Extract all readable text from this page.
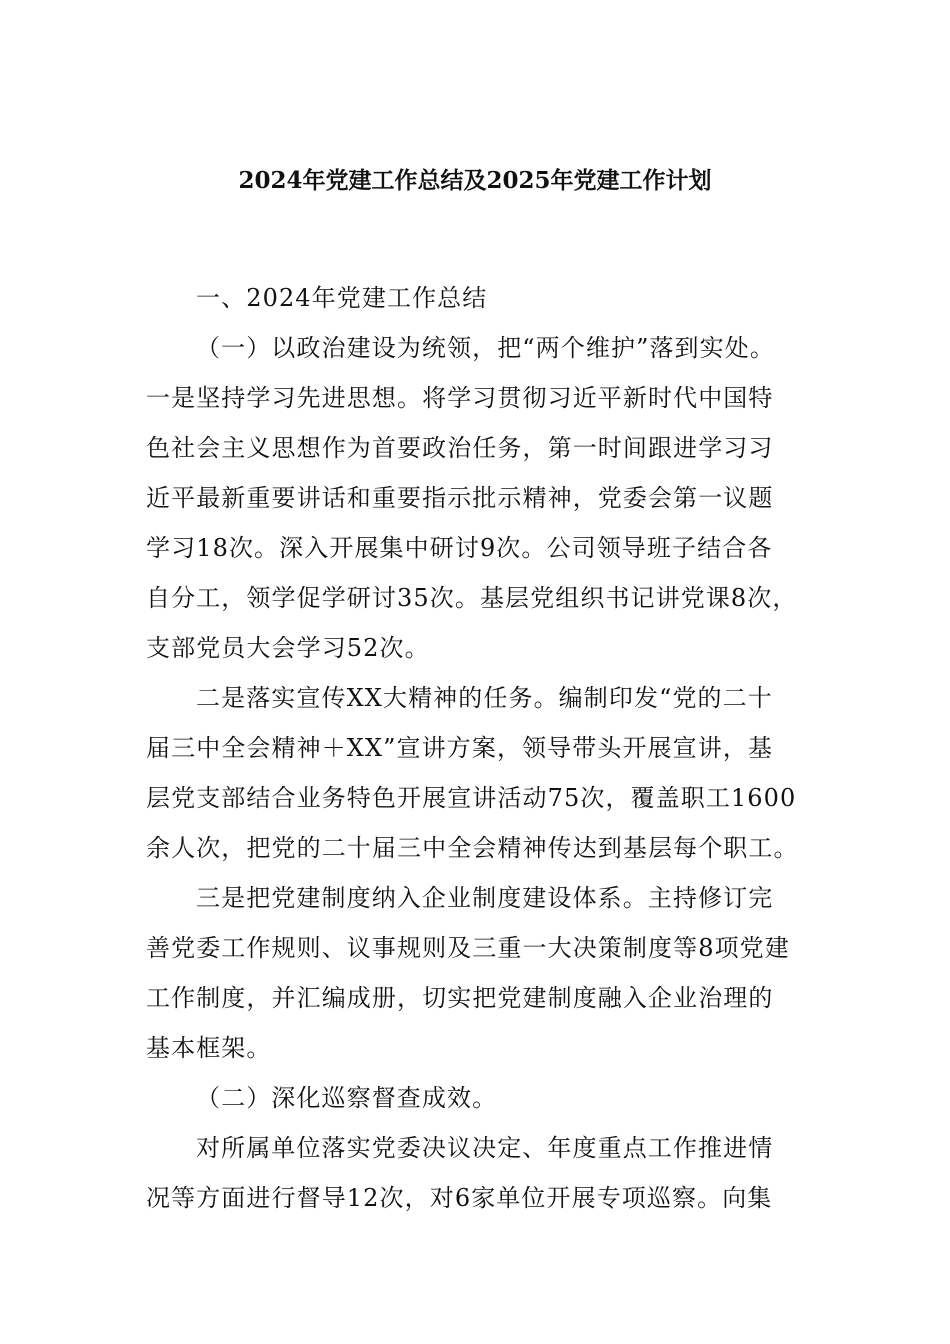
2024年党建工作总结及2025年党建工作计划
一、2024年党建工作总结
（一）以政治建设为统领，把“两个维护”落到实处。
一是坚持学习先进思想。将学习贯彻习近平新时代中国特
色社会主义思想作为首要政治任务，第一时间跟进学习习
近平最新重要讲话和重要指示批示精神，党委会第一议题
学习18次。深入开展集中研讨9次。公司领导班子结合各
自分工，领学促学研讨35次。基层党组织书记讲党课8次，
支部党员大会学习52次。
二是落实宣传XX大精神的任务。编制印发“党的二十
届三中全会精神＋XX”宣讲方案，领导带头开展宣讲，基
层党支部结合业务特色开展宣讲活动75次，覆盖职工1600
余人次，把党的二十届三中全会精神传达到基层每个职工。
三是把党建制度纳入企业制度建设体系。主持修订完
善党委工作规则、议事规则及三重一大决策制度等8项党建
工作制度，并汇编成册，切实把党建制度融入企业治理的
基本框架。
（二）深化巡察督查成效。
对所属单位落实党委决议决定、年度重点工作推进情
况等方面进行督导12次，对6家单位开展专项巡察。向集
